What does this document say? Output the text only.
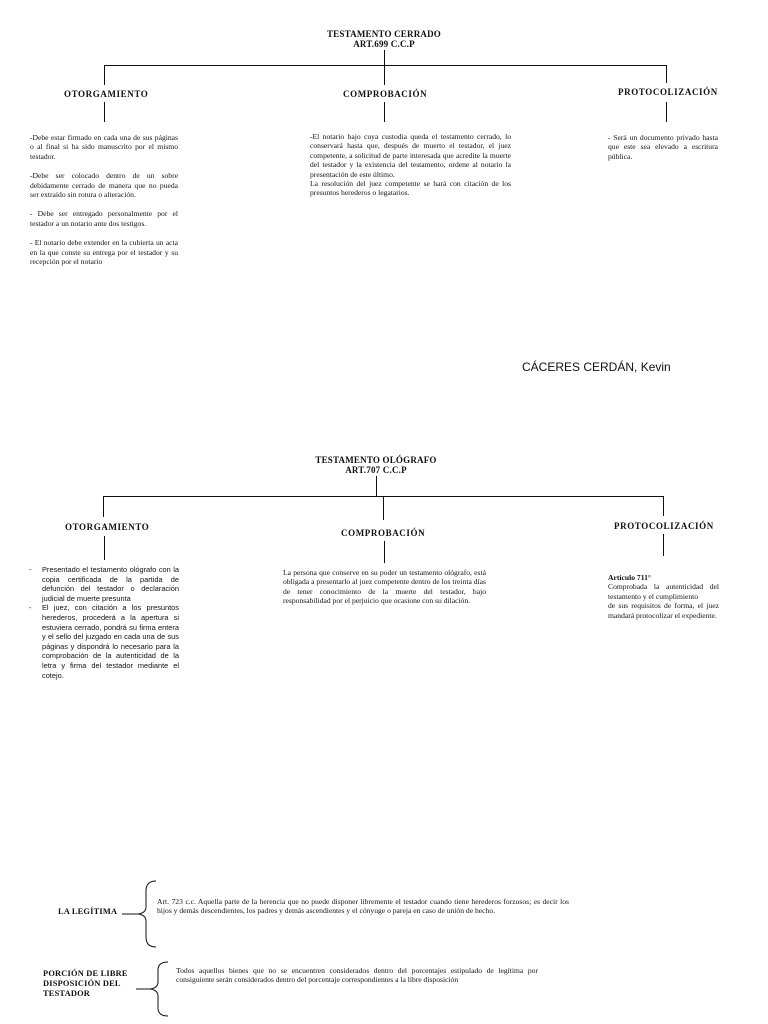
TESTAMENTO CERRADO
ART.699 C.C.P
OTORGAMIENTO	COMPROBACIÓN	PROTOCOLIZACIÓN

-Debe estar firmado en cada una de sus páginas o al final si ha sido manuscrito por el mismo testador.

-Debe ser colocado dentro de un sobre debidamente cerrado de manera que no pueda ser extraído sin rotura o alteración.

- Debe ser entregado personalmente por el testador a un notario ante dos testigos.

- El notario debe extender en la cubierta un acta en la que conste su entrega por el testador y su recepción por el notario

-El notario bajo cuya custodia queda el testamento cerrado, lo conservará hasta que, después de muerto el testador, el juez competente, a solicitud de parte interesada que acredite la muerte del testador y la existencia del testamento, ordene al notario la presentación de este último.
La resolución del juez competente se hará con citación de los presuntos herederos o legatarios.
- Será un documento privado hasta que este sea elevado a escritura pública.
CÁCERES CERDÁN, Kevin
TESTAMENTO OLÓGRAFO
ART.707 C.C.P
OTORGAMIENTO
COMPROBACIÓN
PROTOCOLIZACIÓN
- Presentado el testamento ológrafo con la copia certificada de la partida de defunción del testador o declaración judicial de muerte presunta
- El juez, con citación a los presuntos herederos, procederá a la apertura si estuviera cerrado, pondrá su firma entera y el sello del juzgado en cada una de sus páginas y dispondrá lo necesario para la comprobación de la autenticidad de la letra y firma del testador mediante el cotejo.
La persona que conserve en su poder un testamento ológrafo, está obligada a presentarlo al juez competente dentro de los treinta días de tener conocimiento de la muerte del testador, bajo responsabilidad por el perjuicio que ocasione con su dilación.
Artículo 711°
Comprobada la autenticidad del testamento y el cumplimiento
de sus requisitos de forma, el juez mandará protocolizar el expediente.
LA LEGÍTIMA
Art. 723 c.c. Aquella parte de la herencia que no puede disponer libremente el testador cuando tiene herederos forzosos; es decir los hijos y demás descendientes, los padres y demás ascendientes y el cónyuge o pareja en caso de unión de hecho.
PORCIÓN DE LIBRE DISPOSICIÓN DEL TESTADOR
Todos aquellos bienes que no se encuentren considerados dentro del porcentajes estipulado de legítima por consiguiente serán considerados dentro del porcentaje correspondientes a la libre disposición
